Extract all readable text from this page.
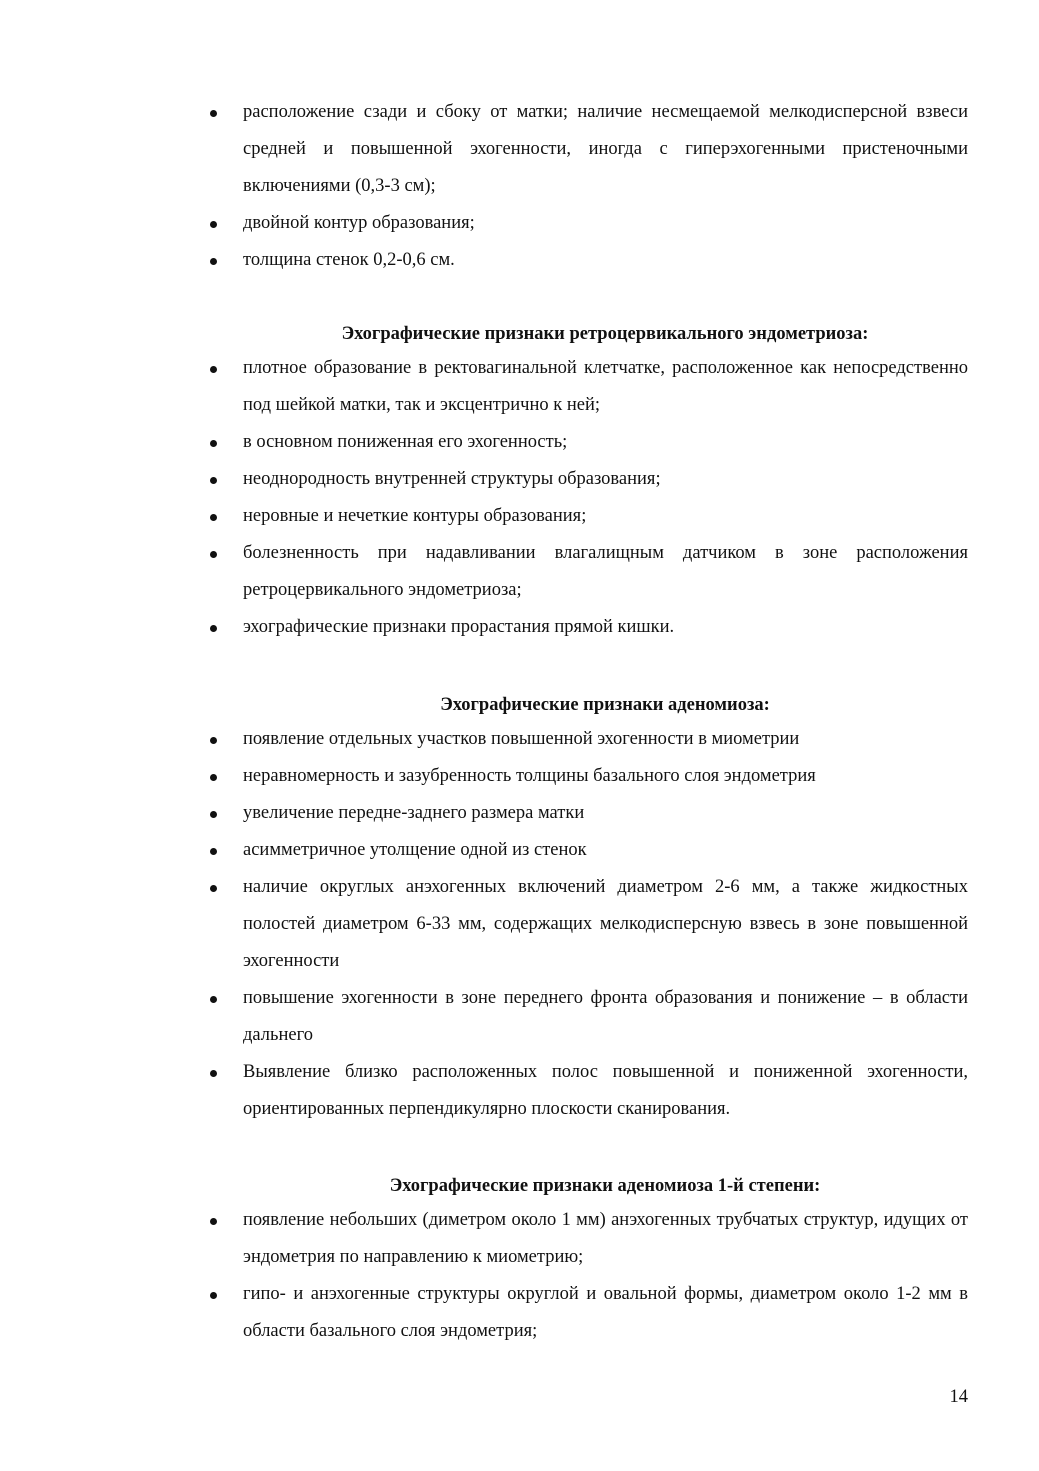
расположение сзади и сбоку от матки; наличие несмещаемой мелкодисперсной взвеси средней и повышенной эхогенности, иногда с гиперэхогенными пристеночными включениями (0,3-3 см);
двойной контур образования;
толщина стенок 0,2-0,6 см.
Эхографические признаки ретроцервикального эндометриоза:
плотное образование в ректовагинальной клетчатке, расположенное как непосредственно под шейкой матки, так и эксцентрично к ней;
в основном пониженная его эхогенность;
неоднородность внутренней структуры образования;
неровные и нечеткие контуры образования;
болезненность при надавливании влагалищным датчиком в зоне расположения ретроцервикального эндометриоза;
эхографические признаки прорастания прямой кишки.
Эхографические признаки аденомиоза:
появление отдельных участков повышенной эхогенности в миометрии
неравномерность и зазубренность толщины базального слоя эндометрия
увеличение передне-заднего размера матки
асимметричное утолщение одной из стенок
наличие округлых анэхогенных включений диаметром 2-6 мм, а также жидкостных полостей диаметром 6-33 мм, содержащих мелкодисперсную взвесь в зоне повышенной эхогенности
повышение эхогенности в зоне переднего фронта образования и понижение – в области дальнего
Выявление близко расположенных полос повышенной и пониженной эхогенности, ориентированных перпендикулярно плоскости сканирования.
Эхографические признаки аденомиоза 1-й степени:
появление небольших (диметром около 1 мм) анэхогенных трубчатых структур, идущих от эндометрия по направлению к миометрию;
гипо- и анэхогенные структуры округлой и овальной формы, диаметром около 1-2 мм в области базального слоя эндометрия;
14
